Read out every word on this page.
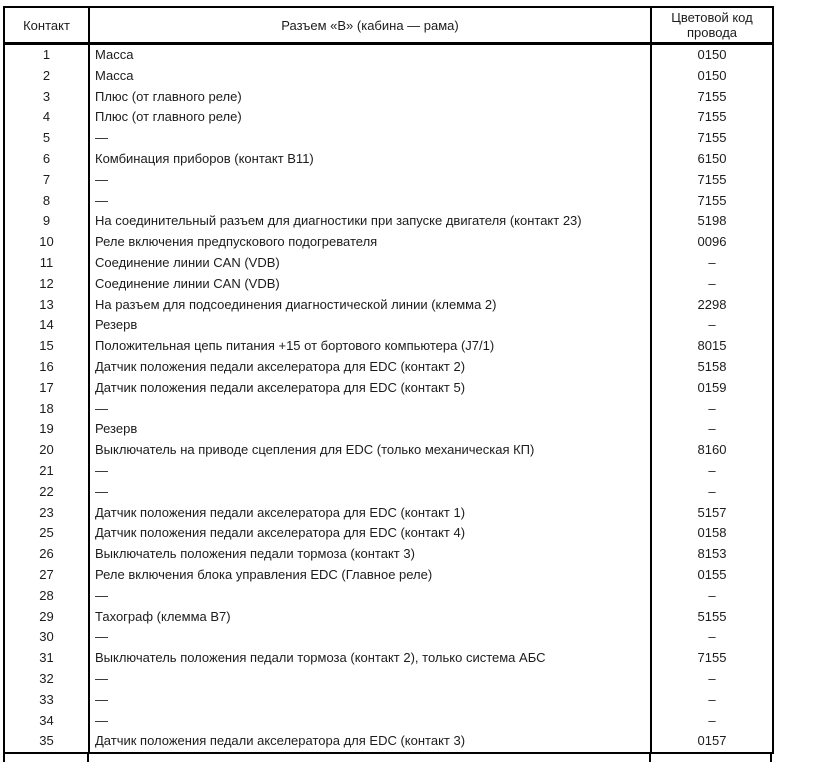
Контакт	Разъем «В» (кабина — рама)	Цветовой код
провода

1	Масса	0150
2	Масса	0150
3	Плюс (от главного реле)	7155
4	Плюс (от главного реле)	7155
5	—	7155
6	Комбинация приборов (контакт B11)	6150
7	—	7155
8	—	7155
9	На соединительный разъем для диагностики при запуске двигателя (контакт 23)	5198
10	Реле включения предпускового подогревателя	0096
11	Соединение линии CAN (VDB)	–
12	Соединение линии CAN (VDB)	–
13	На разъем для подсоединения диагностической линии (клемма 2)	2298
14	Резерв	–
15	Положительная цепь питания +15 от бортового компьютера (J7/1)	8015
16	Датчик положения педали акселератора для EDC (контакт 2)	5158
17	Датчик положения педали акселератора для EDC (контакт 5)	0159
18	—	–
19	Резерв	–
20	Выключатель на приводе сцепления для EDC (только механическая КП)	8160
21	—	–
22	—	–
23	Датчик положения педали акселератора для EDC (контакт 1)	5157
25	Датчик положения педали акселератора для EDC (контакт 4)	0158
26	Выключатель положения педали тормоза (контакт 3)	8153
27	Реле включения блока управления EDC (Главное реле)	0155
28	—	–
29	Тахограф (клемма B7)	5155
30	—	–
31	Выключатель положения педали тормоза (контакт 2), только система АБС	7155
32	—	–
33	—	–
34	—	–
35	Датчик положения педали акселератора для EDC (контакт 3)	0157
